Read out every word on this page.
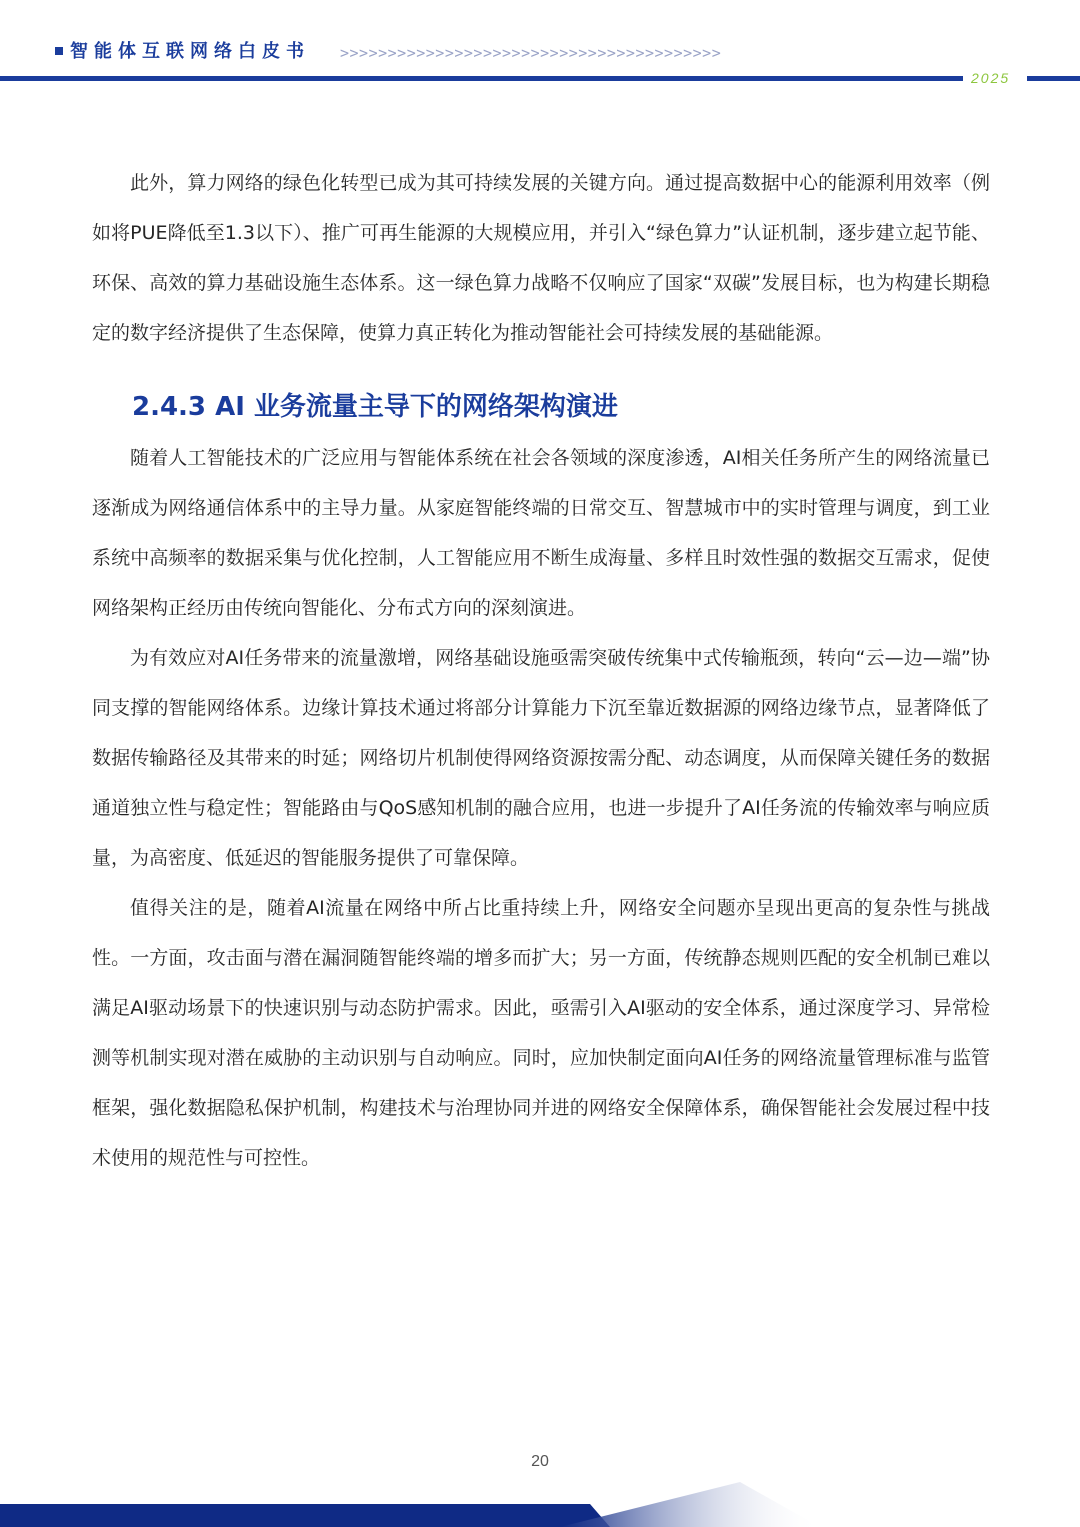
智能体互联网络白皮书 >>>>>>>>>>>>>>>>>>>>>>>>>>>>>>>>>>>>>>>>
2025

此外，算力网络的绿色化转型已成为其可持续发展的关键方向。通过提高数据中心的能源利用效率（例如将PUE降低至1.3以下）、推广可再生能源的大规模应用，并引入“绿色算力”认证机制，逐步建立起节能、环保、高效的算力基础设施生态体系。这一绿色算力战略不仅响应了国家“双碳”发展目标，也为构建长期稳定的数字经济提供了生态保障，使算力真正转化为推动智能社会可持续发展的基础能源。

2.4.3 AI 业务流量主导下的网络架构演进

随着人工智能技术的广泛应用与智能体系统在社会各领域的深度渗透，AI相关任务所产生的网络流量已逐渐成为网络通信体系中的主导力量。从家庭智能终端的日常交互、智慧城市中的实时管理与调度，到工业系统中高频率的数据采集与优化控制，人工智能应用不断生成海量、多样且时效性强的数据交互需求，促使网络架构正经历由传统向智能化、分布式方向的深刻演进。

为有效应对AI任务带来的流量激增，网络基础设施亟需突破传统集中式传输瓶颈，转向“云—边—端”协同支撑的智能网络体系。边缘计算技术通过将部分计算能力下沉至靠近数据源的网络边缘节点，显著降低了数据传输路径及其带来的时延；网络切片机制使得网络资源按需分配、动态调度，从而保障关键任务的数据通道独立性与稳定性；智能路由与QoS感知机制的融合应用，也进一步提升了AI任务流的传输效率与响应质量，为高密度、低延迟的智能服务提供了可靠保障。

值得关注的是，随着AI流量在网络中所占比重持续上升，网络安全问题亦呈现出更高的复杂性与挑战性。一方面，攻击面与潜在漏洞随智能终端的增多而扩大；另一方面，传统静态规则匹配的安全机制已难以满足AI驱动场景下的快速识别与动态防护需求。因此，亟需引入AI驱动的安全体系，通过深度学习、异常检测等机制实现对潜在威胁的主动识别与自动响应。同时，应加快制定面向AI任务的网络流量管理标准与监管框架，强化数据隐私保护机制，构建技术与治理协同并进的网络安全保障体系，确保智能社会发展过程中技术使用的规范性与可控性。

20
